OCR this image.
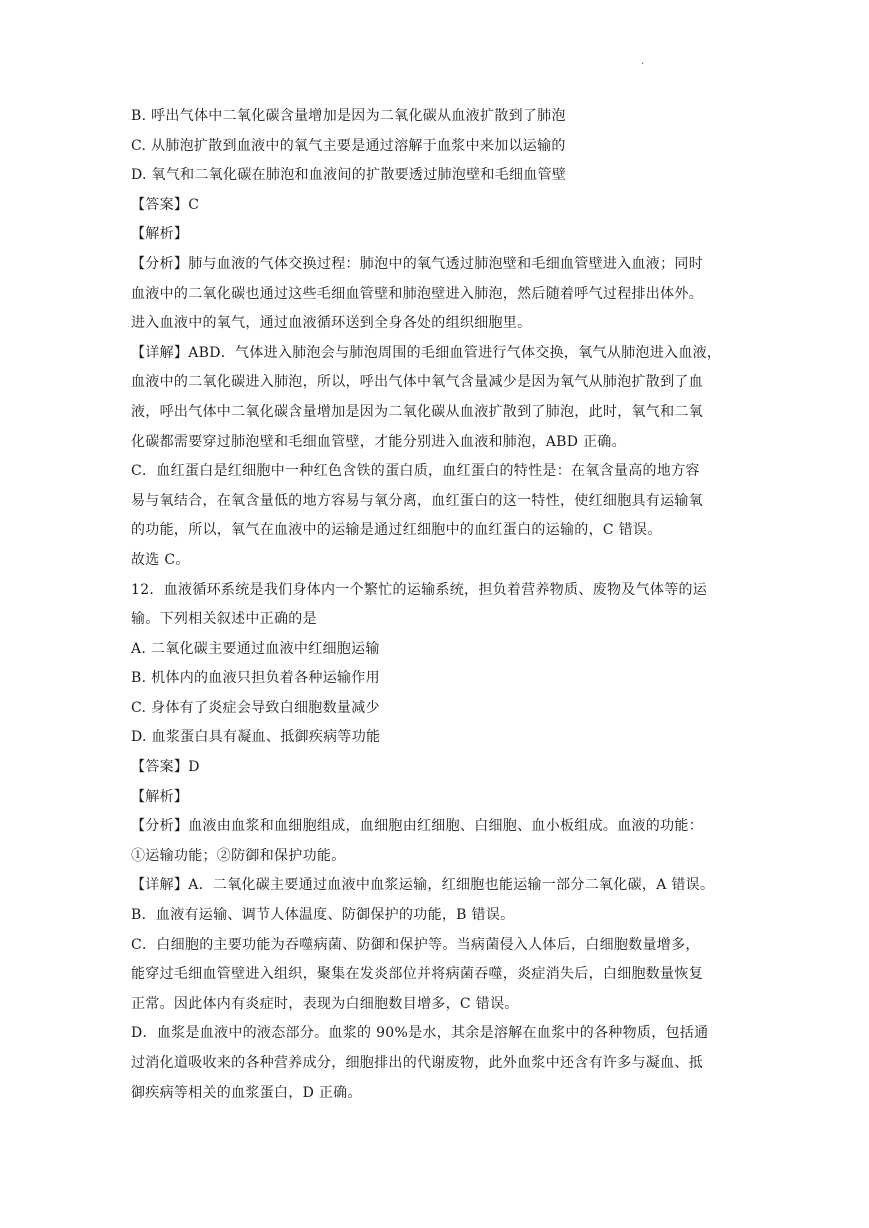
.
B. 呼出气体中二氧化碳含量增加是因为二氧化碳从血液扩散到了肺泡
C. 从肺泡扩散到血液中的氧气主要是通过溶解于血浆中来加以运输的
D. 氧气和二氧化碳在肺泡和血液间的扩散要透过肺泡壁和毛细血管壁
【答案】C
【解析】
【分析】肺与血液的气体交换过程：肺泡中的氧气透过肺泡壁和毛细血管壁进入血液；同时
血液中的二氧化碳也通过这些毛细血管壁和肺泡壁进入肺泡，然后随着呼气过程排出体外。
进入血液中的氧气，通过血液循环送到全身各处的组织细胞里。
【详解】ABD．气体进入肺泡会与肺泡周围的毛细血管进行气体交换，氧气从肺泡进入血液，
血液中的二氧化碳进入肺泡，所以，呼出气体中氧气含量减少是因为氧气从肺泡扩散到了血
液，呼出气体中二氧化碳含量增加是因为二氧化碳从血液扩散到了肺泡，此时，氧气和二氧
化碳都需要穿过肺泡壁和毛细血管壁，才能分别进入血液和肺泡，ABD 正确。
C．血红蛋白是红细胞中一种红色含铁的蛋白质，血红蛋白的特性是：在氧含量高的地方容
易与氧结合，在氧含量低的地方容易与氧分离，血红蛋白的这一特性，使红细胞具有运输氧
的功能，所以，氧气在血液中的运输是通过红细胞中的血红蛋白的运输的，C 错误。
故选 C。
12．血液循环系统是我们身体内一个繁忙的运输系统，担负着营养物质、废物及气体等的运
输。下列相关叙述中正确的是
A. 二氧化碳主要通过血液中红细胞运输
B. 机体内的血液只担负着各种运输作用
C. 身体有了炎症会导致白细胞数量减少
D. 血浆蛋白具有凝血、抵御疾病等功能
【答案】D
【解析】
【分析】血液由血浆和血细胞组成，血细胞由红细胞、白细胞、血小板组成。血液的功能：
①运输功能；②防御和保护功能。
【详解】A．二氧化碳主要通过血液中血浆运输，红细胞也能运输一部分二氧化碳，A 错误。
B．血液有运输、调节人体温度、防御保护的功能，B 错误。
C．白细胞的主要功能为吞噬病菌、防御和保护等。当病菌侵入人体后，白细胞数量增多，
能穿过毛细血管壁进入组织，聚集在发炎部位并将病菌吞噬，炎症消失后，白细胞数量恢复
正常。因此体内有炎症时，表现为白细胞数目增多，C 错误。
D．血浆是血液中的液态部分。血浆的 90%是水，其余是溶解在血浆中的各种物质，包括通
过消化道吸收来的各种营养成分，细胞排出的代谢废物，此外血浆中还含有许多与凝血、抵
御疾病等相关的血浆蛋白，D 正确。
